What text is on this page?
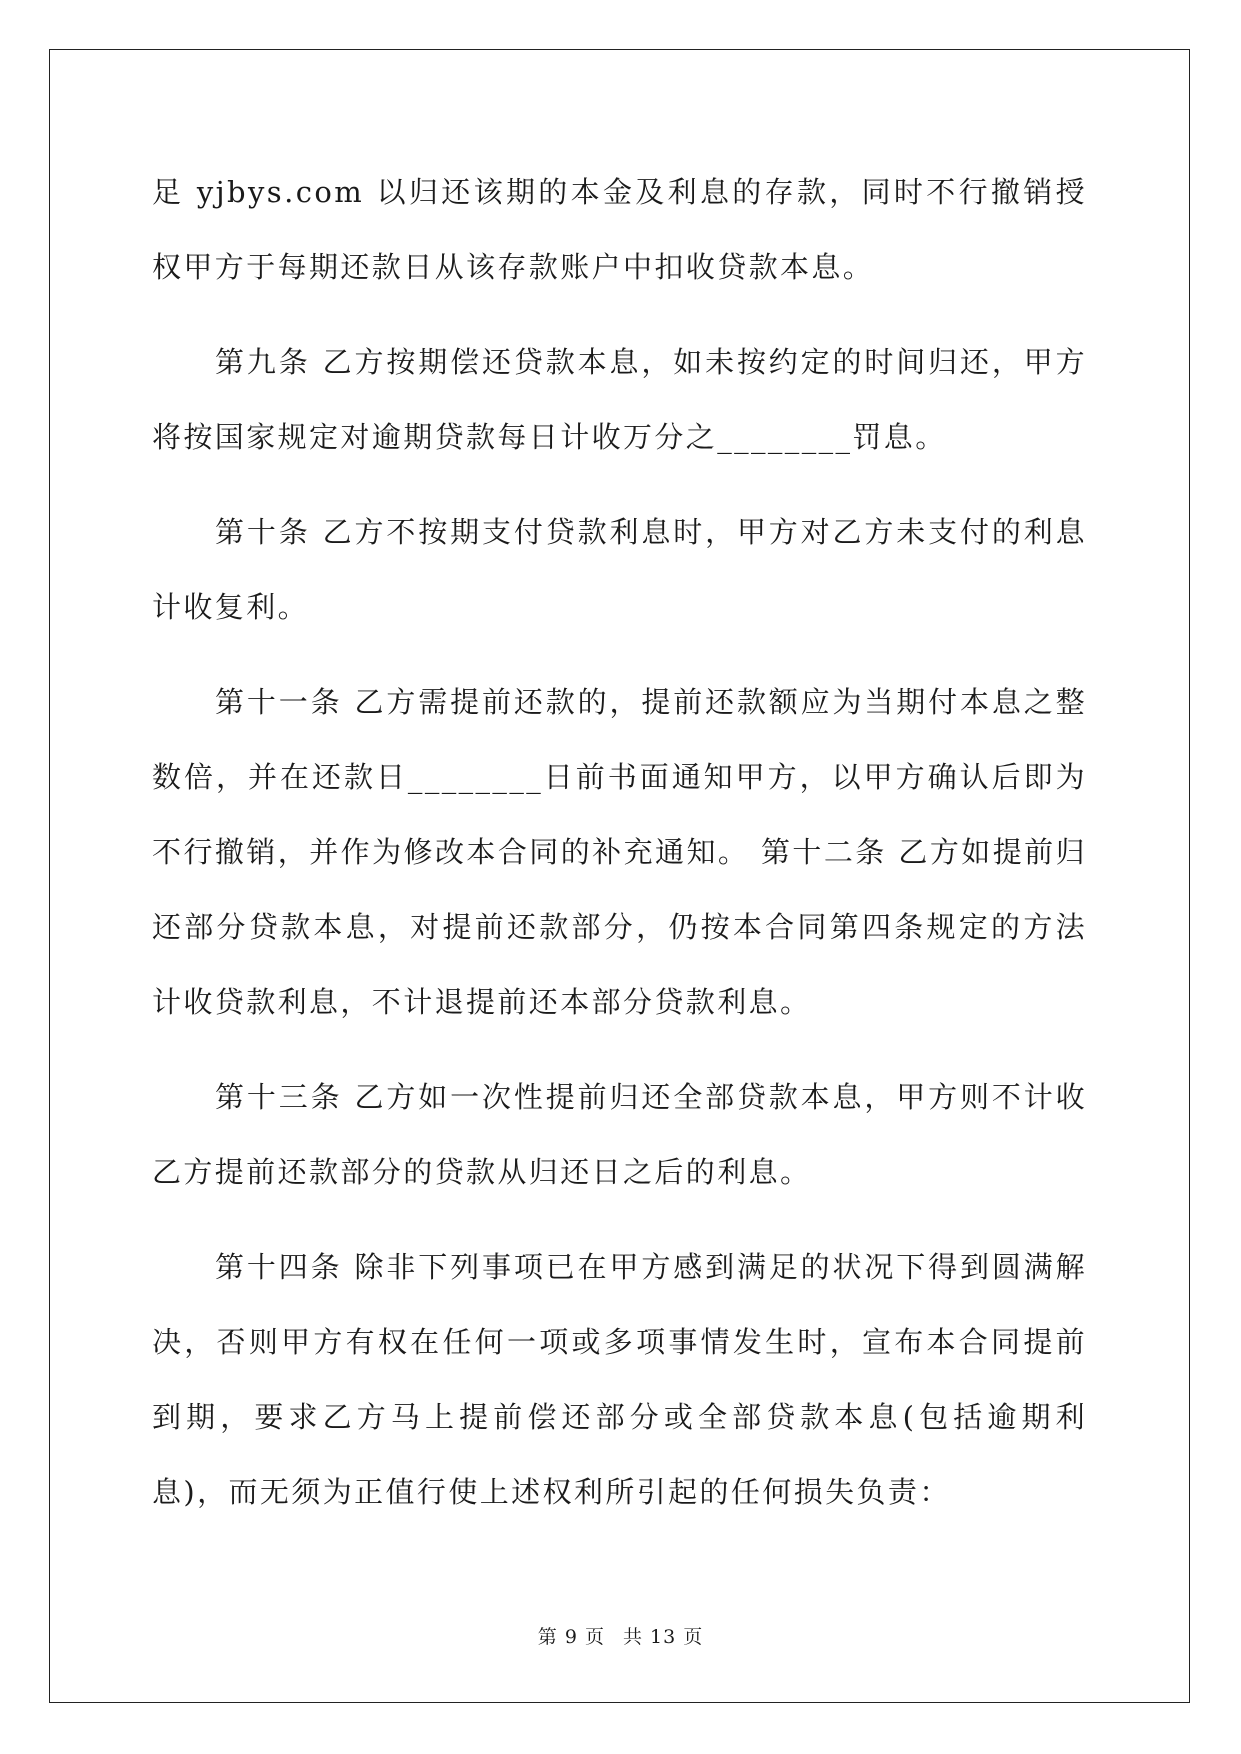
足 yjbys.com 以归还该期的本金及利息的存款，同时不行撤销授权甲方于每期还款日从该存款账户中扣收贷款本息。

第九条 乙方按期偿还贷款本息，如未按约定的时间归还，甲方将按国家规定对逾期贷款每日计收万分之________罚息。

第十条 乙方不按期支付贷款利息时，甲方对乙方未支付的利息计收复利。

第十一条 乙方需提前还款的，提前还款额应为当期付本息之整数倍，并在还款日________日前书面通知甲方，以甲方确认后即为不行撤销，并作为修改本合同的补充通知。 第十二条 乙方如提前归还部分贷款本息，对提前还款部分，仍按本合同第四条规定的方法计收贷款利息，不计退提前还本部分贷款利息。

第十三条 乙方如一次性提前归还全部贷款本息，甲方则不计收乙方提前还款部分的贷款从归还日之后的利息。

第十四条 除非下列事项已在甲方感到满足的状况下得到圆满解决，否则甲方有权在任何一项或多项事情发生时，宣布本合同提前到期，要求乙方马上提前偿还部分或全部贷款本息(包括逾期利息)，而无须为正值行使上述权利所引起的任何损失负责：

第 9 页 共 13 页
